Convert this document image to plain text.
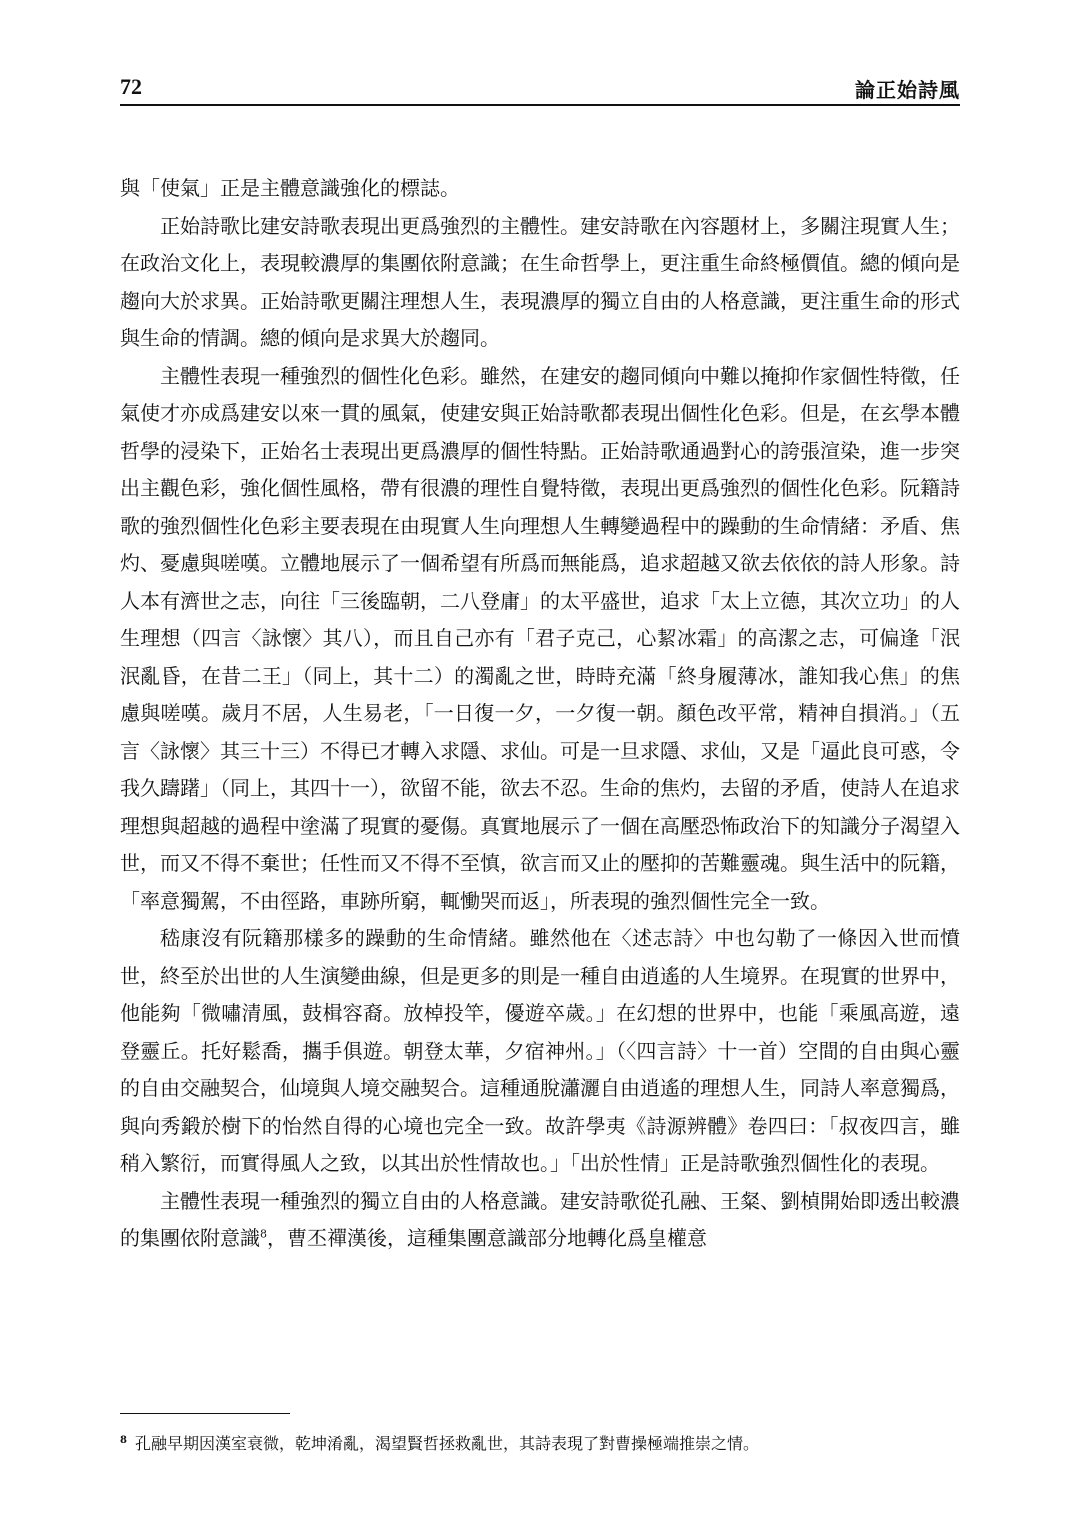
72	論正始詩風

與「使氣」正是主體意識強化的標誌。

正始詩歌比建安詩歌表現出更爲強烈的主體性。建安詩歌在內容題材上，多關注現實人生；在政治文化上，表現較濃厚的集團依附意識；在生命哲學上，更注重生命終極價值。總的傾向是趨向大於求異。正始詩歌更關注理想人生，表現濃厚的獨立自由的人格意識，更注重生命的形式與生命的情調。總的傾向是求異大於趨同。

主體性表現一種強烈的個性化色彩。雖然，在建安的趨同傾向中難以掩抑作家個性特徵，任氣使才亦成爲建安以來一貫的風氣，使建安與正始詩歌都表現出個性化色彩。但是，在玄學本體哲學的浸染下，正始名士表現出更爲濃厚的個性特點。正始詩歌通過對心的誇張渲染，進一步突出主觀色彩，強化個性風格，帶有很濃的理性自覺特徵，表現出更爲強烈的個性化色彩。阮籍詩歌的強烈個性化色彩主要表現在由現實人生向理想人生轉變過程中的躁動的生命情緒：矛盾、焦灼、憂慮與嗟嘆。立體地展示了一個希望有所爲而無能爲，追求超越又欲去依依的詩人形象。詩人本有濟世之志，向往「三後臨朝，二八登庸」的太平盛世，追求「太上立德，其次立功」的人生理想（四言〈詠懷〉其八），而且自己亦有「君子克己，心絜冰霜」的高潔之志，可偏逢「泯泯亂昏，在昔二王」（同上，其十二）的濁亂之世，時時充滿「終身履薄冰，誰知我心焦」的焦慮與嗟嘆。歲月不居，人生易老，「一日復一夕，一夕復一朝。顏色改平常，精神自損消。」（五言〈詠懷〉其三十三）不得已才轉入求隱、求仙。可是一旦求隱、求仙，又是「逼此良可惑，令我久躊躇」（同上，其四十一），欲留不能，欲去不忍。生命的焦灼，去留的矛盾，使詩人在追求理想與超越的過程中塗滿了現實的憂傷。真實地展示了一個在高壓恐怖政治下的知識分子渴望入世，而又不得不棄世；任性而又不得不至慎，欲言而又止的壓抑的苦難靈魂。與生活中的阮籍，「率意獨駕，不由徑路，車跡所窮，輒慟哭而返」，所表現的強烈個性完全一致。

嵇康沒有阮籍那樣多的躁動的生命情緒。雖然他在〈述志詩〉中也勾勒了一條因入世而憤世，終至於出世的人生演變曲線，但是更多的則是一種自由逍遙的人生境界。在現實的世界中，他能夠「微嘯清風，鼓楫容裔。放棹投竿，優遊卒歲。」在幻想的世界中，也能「乘風高遊，遠登靈丘。托好鬆喬，攜手俱遊。朝登太華，夕宿神州。」（〈四言詩〉十一首）空間的自由與心靈的自由交融契合，仙境與人境交融契合。這種通脫瀟灑自由逍遙的理想人生，同詩人率意獨爲，與向秀鍛於樹下的怡然自得的心境也完全一致。故許學夷《詩源辨體》卷四曰：「叔夜四言，雖稍入繁衍，而實得風人之致，以其出於性情故也。」「出於性情」正是詩歌強烈個性化的表現。

主體性表現一種強烈的獨立自由的人格意識。建安詩歌從孔融、王粲、劉楨開始即透出較濃的集團依附意識$^8$，曹丕禪漢後，這種集團意識部分地轉化爲皇權意

$^8$ 孔融早期因漢室衰微，乾坤淆亂，渴望賢哲拯救亂世，其詩表現了對曹操極端推崇之情。
